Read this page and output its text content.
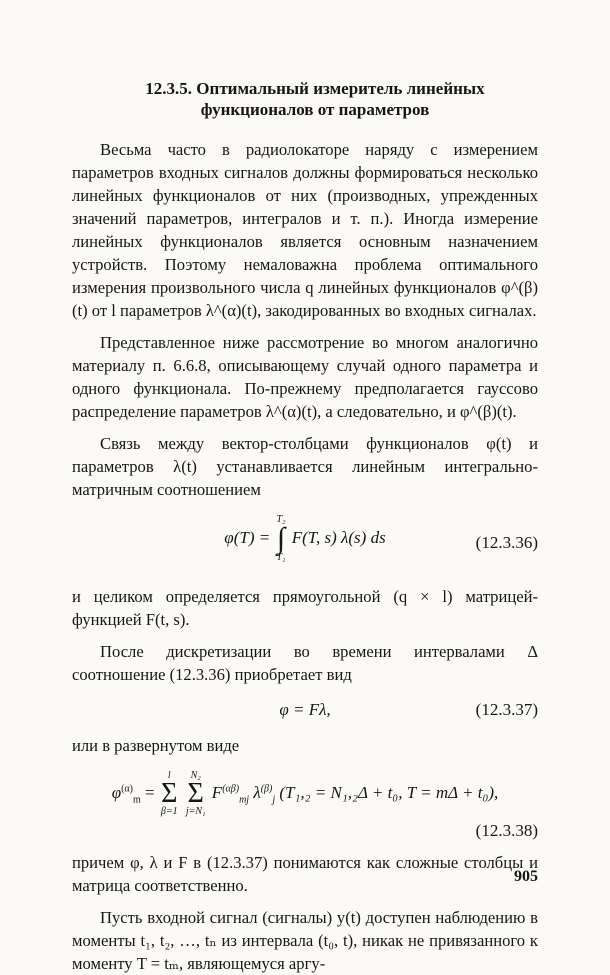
12.3.5. Оптимальный измеритель линейных
функционалов от параметров

Весьма часто в радиолокаторе наряду с измерением параметров входных сигналов должны формироваться несколько линейных функционалов от них (производных, упрежденных значений параметров, интегралов и т. п.). Иногда измерение линейных функционалов является основным назначением устройств. Поэтому немаловажна проблема оптимального измерения произвольного числа q линейных функционалов φ^(β)(t) от l параметров λ^(α)(t), закодированных во входных сигналах.

Представленное ниже рассмотрение во многом аналогично материалу п. 6.6.8, описывающему случай одного параметра и одного функционала. По-прежнему предполагается гауссово распределение параметров λ^(α)(t), а следовательно, и φ^(β)(t).

Связь между вектор-столбцами функционалов φ(t) и параметров λ(t) устанавливается линейным интегрально-матричным соотношением

φ(T) =
T₂
∫
T₁
F(T, s) λ(s) ds	(12.3.36)

и целиком определяется прямоугольной (q × l) матрицей-функцией F(t, s).

После дискретизации во времени интервалами Δ соотношение (12.3.36) приобретает вид

φ = Fλ,	(12.3.37)

или в развернутом виде

$\varphi^{(\alpha)}_m$ =
l
Σ
β=1

N₂
Σ
j=N₁
$F^{(\alpha\beta)}_{mj}$ $\lambda^{(\beta)}_j$ (T₁,₂ = N₁,₂Δ + t₀, T = mΔ + t₀),
(12.3.38)

причем φ, λ и F в (12.3.37) понимаются как сложные столбцы и матрица соответственно.

Пусть входной сигнал (сигналы) y(t) доступен наблюдению в моменты t₁, t₂, …, tₙ из интервала (t₀, t), никак не привязанного к моменту T = tₘ, являющемуся аргу-

905
